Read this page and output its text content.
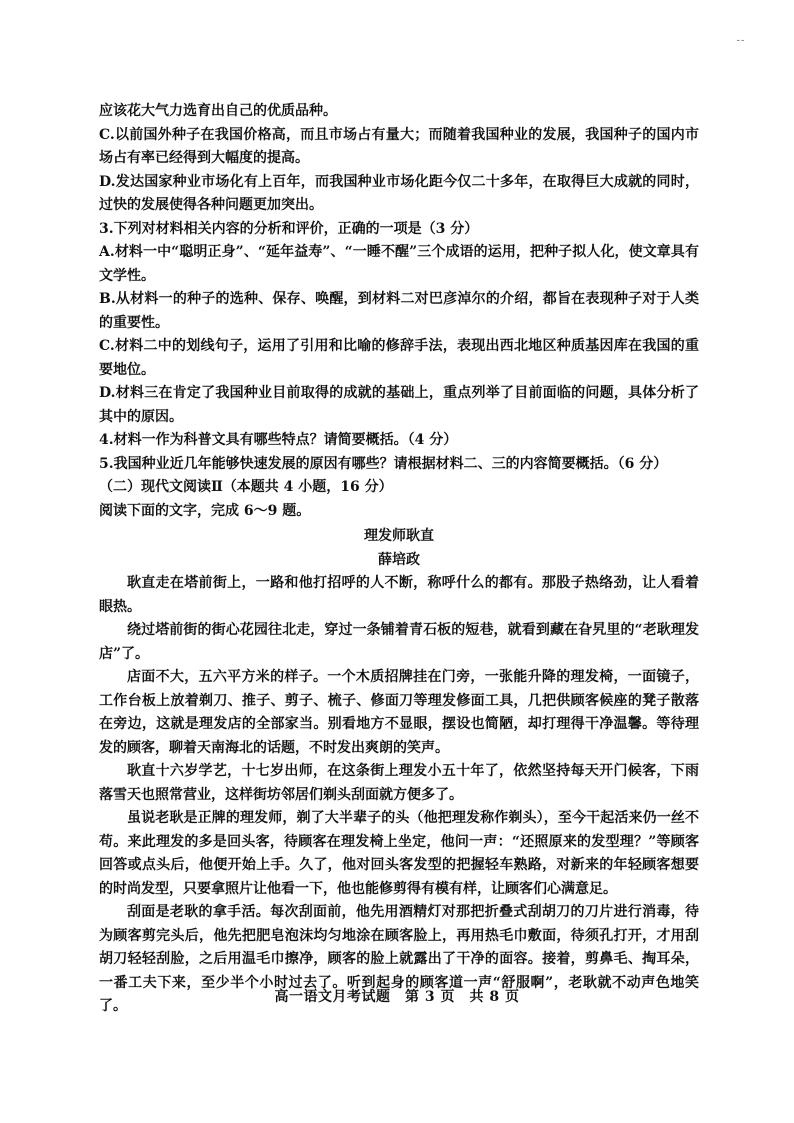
ˉˉ

应该花大气力选育出自己的优质品种。

C.以前国外种子在我国价格高，而且市场占有量大；而随着我国种业的发展，我国种子的国内市场占有率已经得到大幅度的提高。

D.发达国家种业市场化有上百年，而我国种业市场化距今仅二十多年，在取得巨大成就的同时，过快的发展使得各种问题更加突出。

3.下列对材料相关内容的分析和评价，正确的一项是（3 分）

A.材料一中“聪明正身”、“延年益寿”、“一睡不醒”三个成语的运用，把种子拟人化，使文章具有文学性。

B.从材料一的种子的选种、保存、唤醒，到材料二对巴彦淖尔的介绍，都旨在表现种子对于人类的重要性。

C.材料二中的划线句子，运用了引用和比喻的修辞手法，表现出西北地区种质基因库在我国的重要地位。

D.材料三在肯定了我国种业目前取得的成就的基础上，重点列举了目前面临的问题，具体分析了其中的原因。

4.材料一作为科普文具有哪些特点？请简要概括。（4 分）

5.我国种业近几年能够快速发展的原因有哪些？请根据材料二、三的内容简要概括。（6 分）

（二）现代文阅读Ⅱ（本题共 4 小题，16 分）

阅读下面的文字，完成 6～9 题。

理发师耿直

薛培政

耿直走在塔前街上，一路和他打招呼的人不断，称呼什么的都有。那股子热络劲，让人看着眼热。

绕过塔前街的街心花园往北走，穿过一条铺着青石板的短巷，就看到藏在旮旯里的“老耿理发店”了。

店面不大，五六平方米的样子。一个木质招牌挂在门旁，一张能升降的理发椅，一面镜子，工作台板上放着剃刀、推子、剪子、梳子、修面刀等理发修面工具，几把供顾客候座的凳子散落在旁边，这就是理发店的全部家当。别看地方不显眼，摆设也简陋，却打理得干净温馨。等待理发的顾客，聊着天南海北的话题，不时发出爽朗的笑声。

耿直十六岁学艺，十七岁出师，在这条街上理发小五十年了，依然坚持每天开门候客，下雨落雪天也照常营业，这样街坊邻居们剃头刮面就方便多了。

虽说老耿是正牌的理发师，剃了大半辈子的头（他把理发称作剃头），至今干起活来仍一丝不苟。来此理发的多是回头客，待顾客在理发椅上坐定，他问一声：“还照原来的发型理？”等顾客回答或点头后，他便开始上手。久了，他对回头客发型的把握轻车熟路，对新来的年轻顾客想要的时尚发型，只要拿照片让他看一下，他也能修剪得有模有样，让顾客们心满意足。

刮面是老耿的拿手活。每次刮面前，他先用酒精灯对那把折叠式刮胡刀的刀片进行消毒，待为顾客剪完头后，他先把肥皂泡沫均匀地涂在顾客脸上，再用热毛巾敷面，待须孔打开，才用刮胡刀轻轻刮脸，之后用温毛巾擦净，顾客的脸上就露出了干净的面容。接着，剪鼻毛、掏耳朵，一番工夫下来，至少半个小时过去了。听到起身的顾客道一声“舒服啊”，老耿就不动声色地笑了。

高一语文月考试题　第 3 页　共 8 页
